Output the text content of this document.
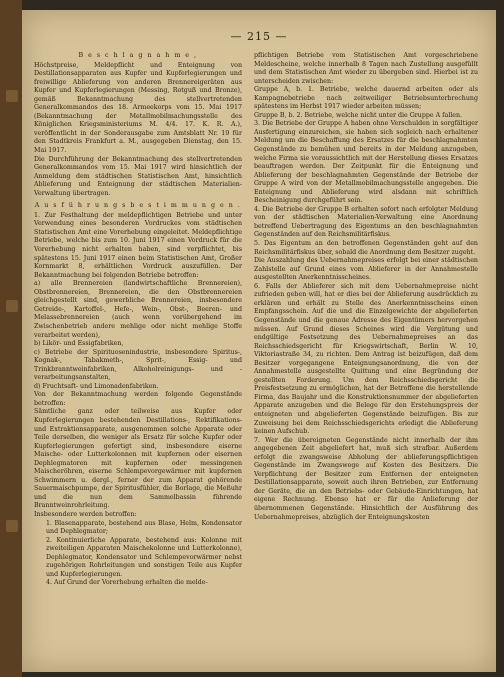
— 215 —

B e s c h l a g n a h m e ,

Höchstpreise, Meldepflicht und Enteignung von Destillationsapparaten aus Kupfer und Kupferlegierungen und freiwillige Ablieferung von anderen Brennereigeräten aus Kupfer und Kupferlegierungen (Messing, Rotguß und Bronze), gemäß Bekanntmachung des stellvertretenden Generalkommandos des 18. Armeekorps vom 15. Mai 1917 (Bekanntmachung der Metallmobilmachungsstelle des Königlichen Kriegsministeriums M. 4/4. 17. K. R. A.), veröffentlicht in der Sonderausgabe zum Amtsblatt Nr. 19 für den Stadtkreis Frankfurt a. M., ausgegeben Dienstag, den 15. Mai 1917.

Die Durchführung der Bekanntmachung des stellvertretenden Generalkommandos vom 15. Mai 1917 wird hinsichtlich der Anmeldung dem städtischen Statistischen Amt, hinsichtlich Ablieferung und Enteignung der städtischen Materialien-Verwaltung übertragen.

A u s f ü h r u n g s b e s t i m m u n g e n .

1. Zur Festhaltung der meldepflichtigen Betriebe und unter Verwendung eines besonderen Vordruckes vom städtischen Statistischen Amt eine Vorerhebung eingeleitet. Meldepflichtige Betriebe, welche bis zum 10. Juni 1917 einen Vordruck für die Vorerhebung nicht erhalten haben, sind verpflichtet, bis spätestens 15. Juni 1917 einen beim Statistischen Amt, Großer Kornmarkt 8, erhältlichen Vordruck auszufüllen. Der Bekanntmachung bei folgenden Betriebe betroffen:

a) alle Brennereien (landwirtschaftliche Brennereien), Obstbrennereien, Brennereien, die den Obstbrennereien gleichgestellt sind, gewerbliche Brennereien, insbesondere Getreide-, Kartoffel-, Hefe-, Wein-, Obst-, Beeren- und Melassebrennereien (auch wenn vorübergehend im Zwischenbetrieb andere mehlige oder nicht mehlige Stoffe verarbeitet werden),

b) Likör- und Essigfabriken,

c) Betriebe der Spirituosenindustrie, insbesondere Spiritus-, Kognak-, Tabakmeth-, Sprit-, Essig- und Trinkbranntweinfabriken, Alkoholreinigungs- und -verarbeitungsanstalten,

d) Fruchtsaft- und Limonadenfabriken.

Von der Bekanntmachung werden folgende Gegenstände betroffen:

Sämtliche ganz oder teilweise aus Kupfer oder Kupferlegierungen bestehenden Destillations-, Rektifikations- und Extraktionsapparate, ausgenommen solche Apparate oder Teile derselben, die weniger als Ersatz für solche Kupfer oder Kupferlegierungen gefertigt sind, insbesondere eiserne Maische- oder Lutterkolonnen mit kupfernen oder eisernen Dephlegmatoren mit kupfernen oder messingenen Maischeröhren, eiserne Schlempevorgewärmer mit kupfernen Schwimmern u. dergl., ferner der zum Apparat gehörende Sauermaischpumpe, der Spiritusfühler, die Borlage, die Meßuhr und die nun dem Sammelbassin führende Branntweinrohrleitung.

Insbesondere werden betroffen:

1. Blasenapparate, bestehend aus Blase, Helm, Kondensator und Dephlegmator;

2. Kontinuierliche Apparate, bestehend aus: Kolonne mit zweiteiligen Apparaten Maischekolonne und Lutterkolonne), Dephlegmator, Kondensator und Schlempevorwärmer nebst zugehörigen Rohrleitungen und sonstigen Teile aus Kupfer und Kupferlegierungen.

4. Auf Grund der Vorerhebung erhalten die melde-

pflichtigen Betriebe vom Statistischen Amt vorgeschriebene Meldescheine, welche innerhalb 8 Tagen nach Zustellung ausgefüllt und dem Statistischen Amt wieder zu übergeben sind. Hierbei ist zu unterscheiden zwischen:

Gruppe A, b. 1. Betriebe, welche dauernd arbeiten oder als Kampagnebetriebe nach zeitweiliger Betriebsunterbrechung spätestens im Herbst 1917 wieder arbeiten müssen;

Gruppe B, b. 2. Betriebe, welche nicht unter die Gruppe A fallen.

3. Die Betriebe der Gruppe A haben ohne Verschulden in sorgfältiger Ausfertigung einzureichen, sie haben sich sogleich nach erhaltener Meldung um die Beschaffung des Ersatzes für die beschlagnahmten Gegenstände zu bemühen und bereits in der Meldung anzugeben, welche Firma sie voraussichtlich mit der Herstellung dieses Ersatzes beauftragen werden. Der Zeitpunkt für die Enteignung und Ablieferung der beschlagnahmten Gegenstände der Betriebe der Gruppe A wird von der Metallmobilmachungsstelle angegeben. Die Enteignung und Ablieferung wird alsdann mit schriftlich Bescheinigung durchgeführt sein.

4. Die Betriebe der Gruppe B erhalten sofort nach erfolgter Meldung von der städtischen Materialien-Verwaltung eine Anordnung betreffend Uebertragung des Eigentums an den beschlagnahmten Gegenständen auf den Reichsmilitärfiskus.

5. Das Eigentum an den betroffenen Gegenständen geht auf den Reichsmilitärfiskus über, sobald die Anordnung dem Besitzer zugeht.

Die Auszahlung des Uebernahmepreises erfolgt bei einer städtischen Zahlstelle auf Grund eines vom Ablieferer in der Annahmestelle ausgestellten Anerkenntnisscheines.

6. Falls der Ablieferer sich mit dem Uebernahmepreise nicht zufrieden geben will, hat er dies bei der Ablieferung ausdrücklich zu erklären und erhält zu Stelle des Anerkenntnisscheins einen Empfangsschein. Auf die und die Einzelgewichte der abgelieferten Gegenstände und die genaue Adresse des Eigentümers hervorgehen müssen. Auf Grund dieses Scheines wird die Vergütung und endgültige Festsetzung des Uebernahmepreises an das Reichsschiedsgericht für Kriegswirtschaft, Berlin W. 10, Viktoriastraße 34, zu richten. Dem Antrag ist beizufügen, daß dem Besitzer vorgegangene Enteignungsanordnung, die von der Annahmestelle ausgestellte Quittung und eine Begründung der gestellten Forderung. Um dem Reichsschiedsgericht die Preisfestsetzung zu ermöglichen, hat der Betroffene die herstellende Firma, das Baujahr und die Konstruktionsnummer der abgelieferten Apparate anzugeben und die Belege für den Erstehungspreis der enteigneten und abgelieferten Gegenstände beizufügen. Bis zur Zuweisung bei dem Reichsschiedsgerichts erledigt die Ablieferung keinen Aufschub.

7. Wer die übereigneten Gegenstände nicht innerhalb der ihm angegebenen Zeit abgeliefert hat, muß sich strafbar. Außerdem erfolgt die zwangsweise Abholung der ablieferungspflichtigen Gegenstände im Zwangswege auf Kosten des Besitzers. Die Verpflichtung der Besitzer zum Entfernen der enteigneten Destillationsapparate, soweit auch ihren Betrieben, zur Entfernung der Geräte, die an den Betriebs- oder Gebäude-Einrichtungen, hat eigene Rechnung. Ebenso hat er für die Anlieferung der übernommenen Gegenstände. Hinsichtlich der Ausführung des Uebernahmepreises, abzüglich der Enteignungskosten
